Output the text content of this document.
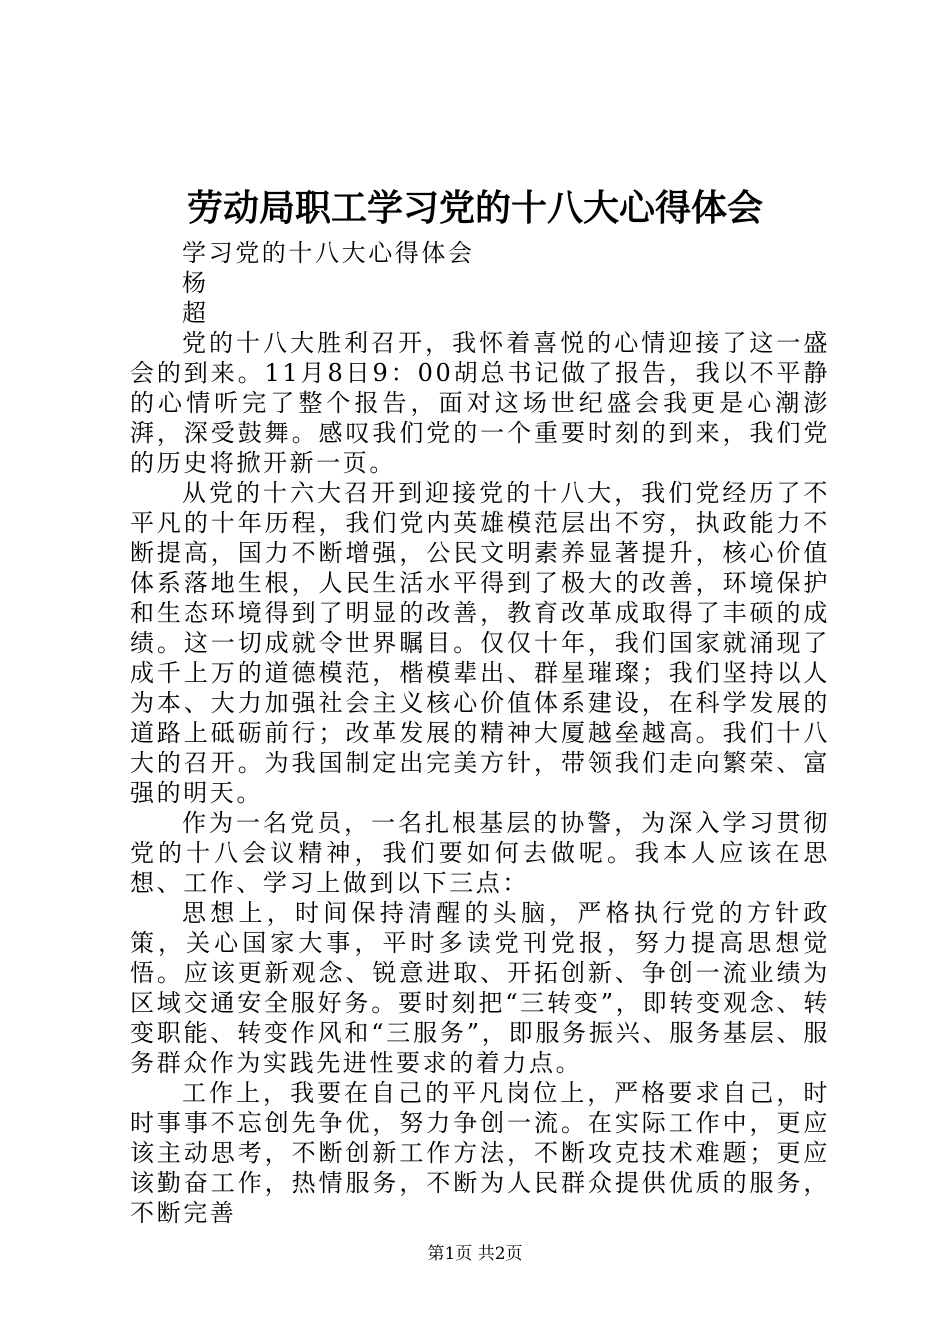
劳动局职工学习党的十八大心得体会
学习党的十八大心得体会
杨
超

党的十八大胜利召开，我怀着喜悦的心情迎接了这一盛会的到来。11月8日9：00胡总书记做了报告，我以不平静的心情听完了整个报告，面对这场世纪盛会我更是心潮澎湃，深受鼓舞。感叹我们党的一个重要时刻的到来，我们党的历史将掀开新一页。

从党的十六大召开到迎接党的十八大，我们党经历了不平凡的十年历程，我们党内英雄模范层出不穷，执政能力不断提高，国力不断增强，公民文明素养显著提升，核心价值体系落地生根，人民生活水平得到了极大的改善，环境保护和生态环境得到了明显的改善，教育改革成取得了丰硕的成绩。这一切成就令世界瞩目。仅仅十年，我们国家就涌现了成千上万的道德模范，楷模辈出、群星璀璨；我们坚持以人为本、大力加强社会主义核心价值体系建设，在科学发展的道路上砥砺前行；改革发展的精神大厦越垒越高。我们十八大的召开。为我国制定出完美方针，带领我们走向繁荣、富强的明天。

作为一名党员，一名扎根基层的协警，为深入学习贯彻党的十八会议精神，我们要如何去做呢。我本人应该在思想、工作、学习上做到以下三点：

思想上，时间保持清醒的头脑，严格执行党的方针政策，关心国家大事，平时多读党刊党报，努力提高思想觉悟。应该更新观念、锐意进取、开拓创新、争创一流业绩为区域交通安全服好务。要时刻把“三转变”，即转变观念、转变职能、转变作风和“三服务”，即服务振兴、服务基层、服务群众作为实践先进性要求的着力点。

工作上，我要在自己的平凡岗位上，严格要求自己，时时事事不忘创先争优，努力争创一流。在实际工作中，更应该主动思考，不断创新工作方法，不断攻克技术难题；更应该勤奋工作，热情服务，不断为人民群众提供优质的服务，不断完善

第1页 共2页
